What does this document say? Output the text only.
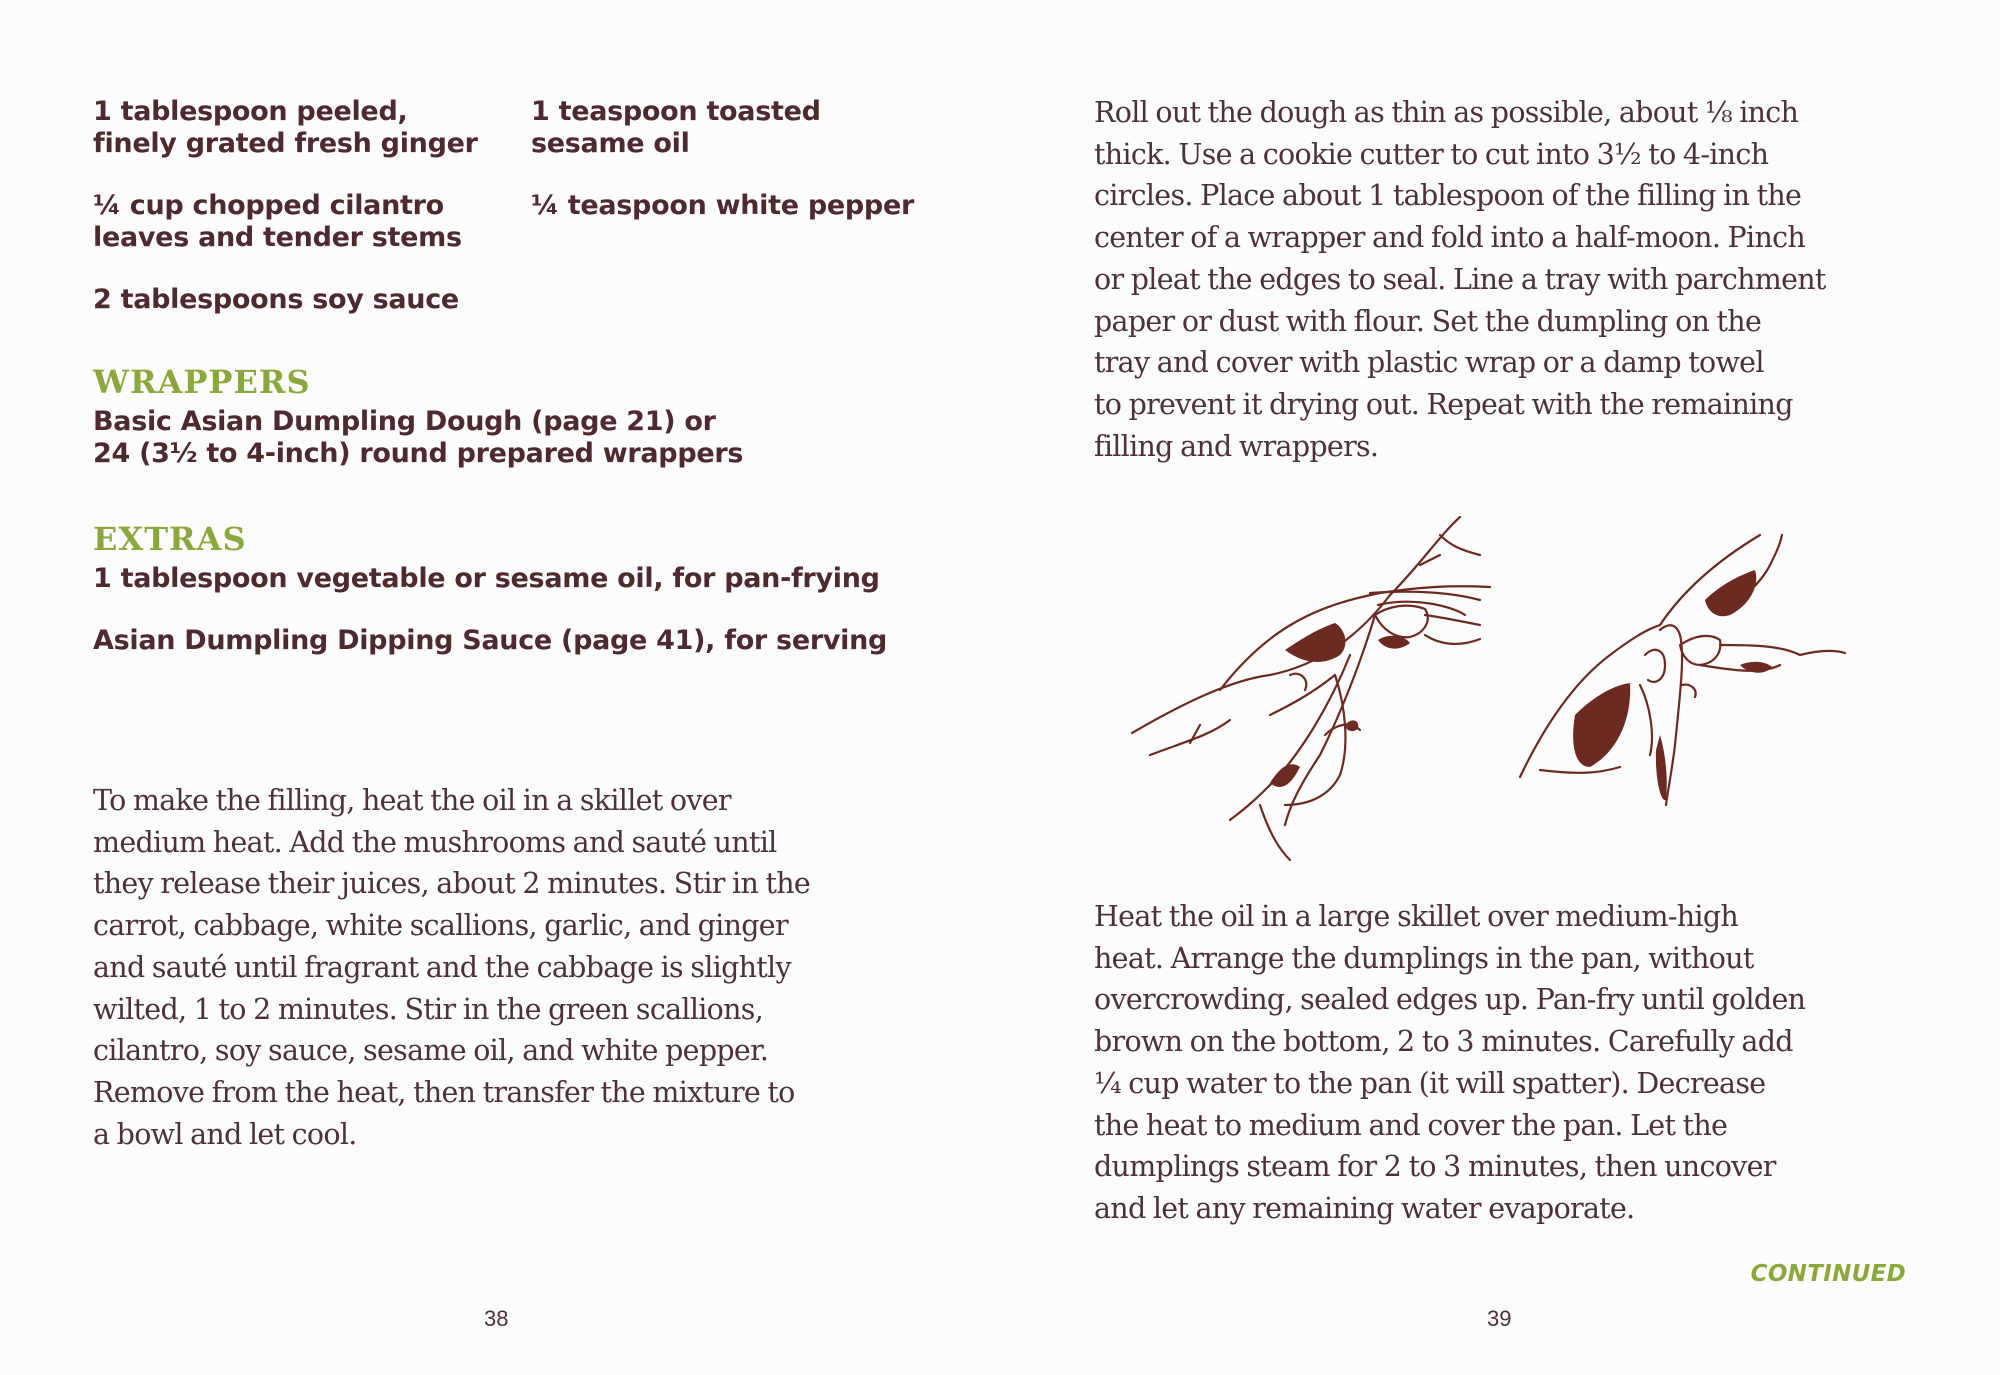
1 tablespoon peeled,
finely grated fresh ginger
1 teaspoon toasted
sesame oil
¼ cup chopped cilantro
leaves and tender stems
¼ teaspoon white pepper
2 tablespoons soy sauce
WRAPPERS
Basic Asian Dumpling Dough (page 21) or
24 (3½ to 4-inch) round prepared wrappers
EXTRAS
1 tablespoon vegetable or sesame oil, for pan-frying
Asian Dumpling Dipping Sauce (page 41), for serving
To make the filling, heat the oil in a skillet over
medium heat. Add the mushrooms and sauté until
they release their juices, about 2 minutes. Stir in the
carrot, cabbage, white scallions, garlic, and ginger
and sauté until fragrant and the cabbage is slightly
wilted, 1 to 2 minutes. Stir in the green scallions,
cilantro, soy sauce, sesame oil, and white pepper.
Remove from the heat, then transfer the mixture to
a bowl and let cool.
38
Roll out the dough as thin as possible, about ⅛ inch
thick. Use a cookie cutter to cut into 3½ to 4-inch
circles. Place about 1 tablespoon of the filling in the
center of a wrapper and fold into a half-moon. Pinch
or pleat the edges to seal. Line a tray with parchment
paper or dust with flour. Set the dumpling on the
tray and cover with plastic wrap or a damp towel
to prevent it drying out. Repeat with the remaining
filling and wrappers.
Heat the oil in a large skillet over medium-high
heat. Arrange the dumplings in the pan, without
overcrowding, sealed edges up. Pan-fry until golden
brown on the bottom, 2 to 3 minutes. Carefully add
¼ cup water to the pan (it will spatter). Decrease
the heat to medium and cover the pan. Let the
dumplings steam for 2 to 3 minutes, then uncover
and let any remaining water evaporate.
CONTINUED
39
